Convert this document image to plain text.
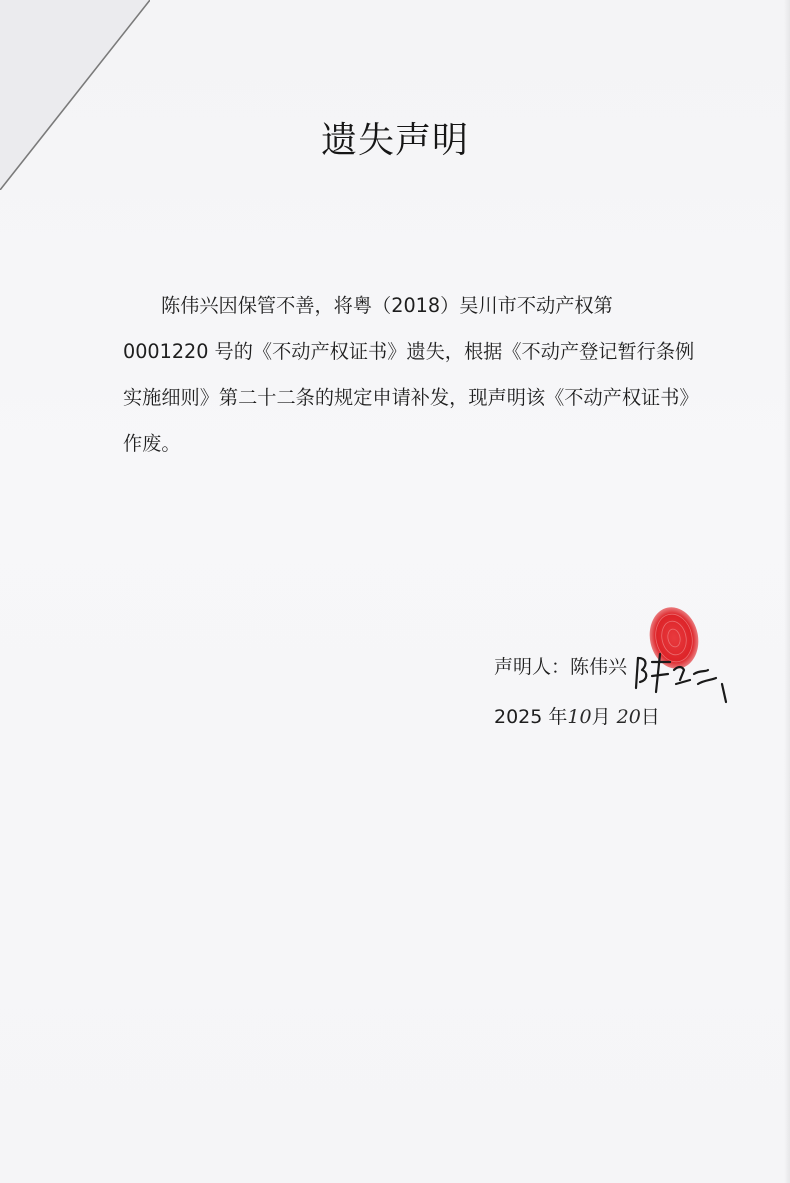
遗失声明

陈伟兴因保管不善，将粤（2018）吴川市不动产权第
0001220 号的《不动产权证书》遗失，根据《不动产登记暂行条例
实施细则》第二十二条的规定申请补发，现声明该《不动产权证书》
作废。

声明人：陈伟兴
2025 年10月 20日
